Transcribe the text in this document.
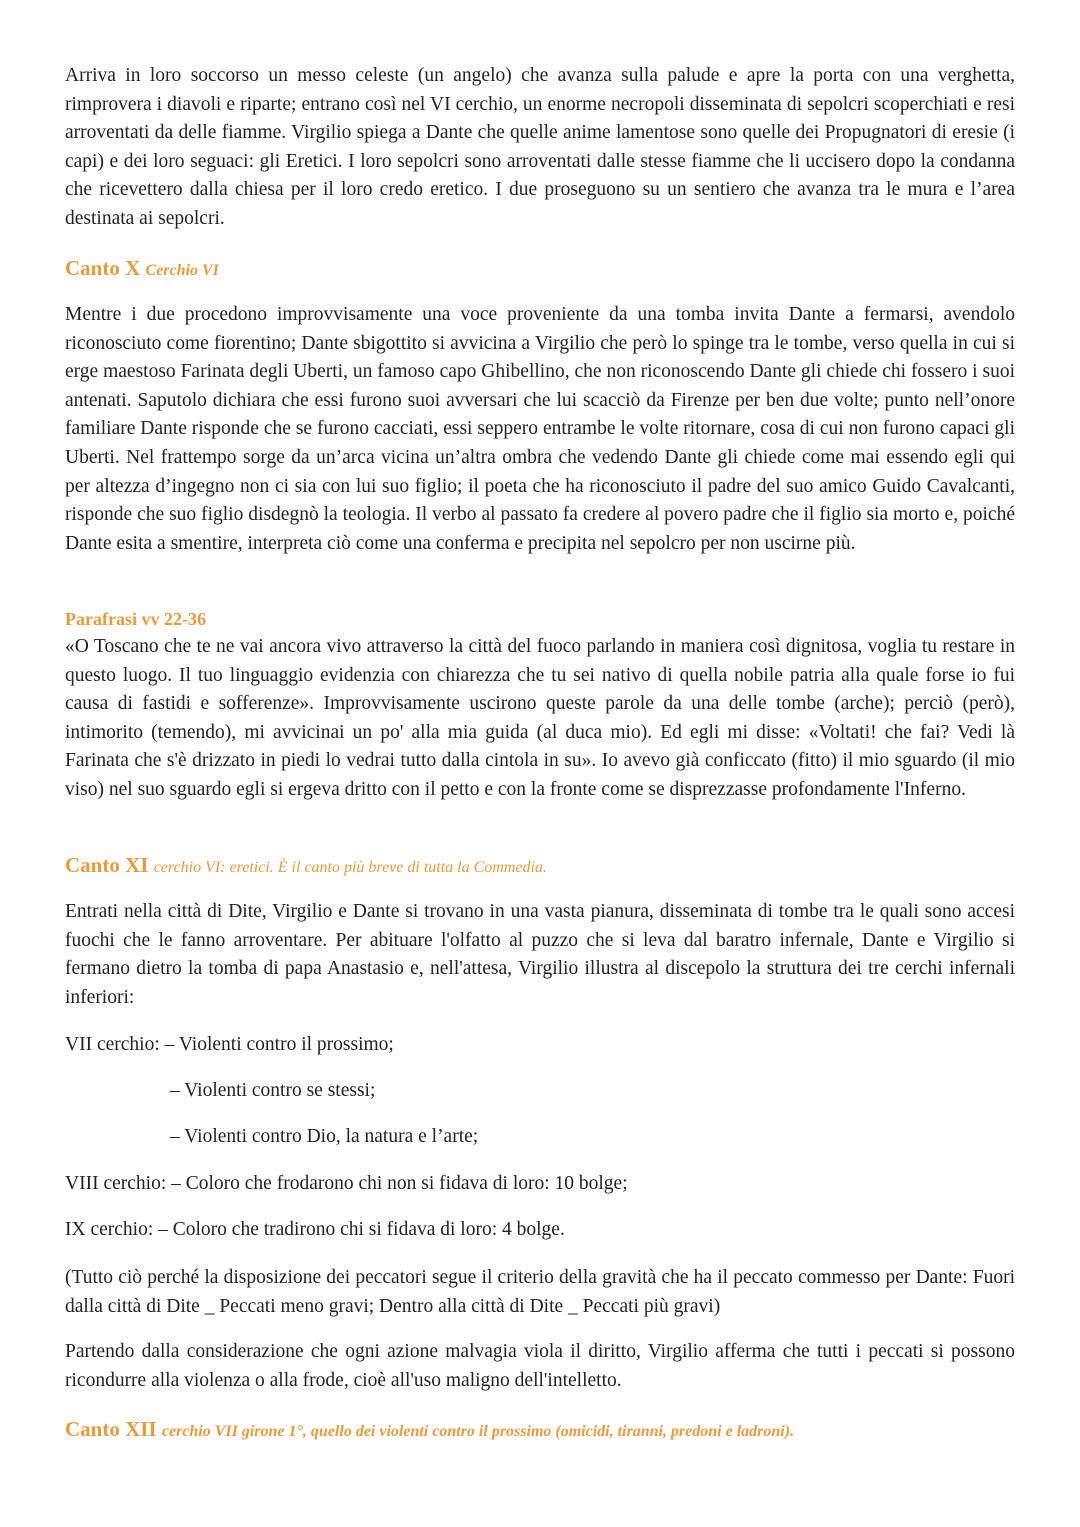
Arriva in loro soccorso un messo celeste (un angelo) che avanza sulla palude e apre la porta con una verghetta, rimprovera i diavoli e riparte; entrano così nel VI cerchio, un enorme necropoli disseminata di sepolcri scoperchiati e resi arroventati da delle fiamme. Virgilio spiega a Dante che quelle anime lamentose sono quelle dei Propugnatori di eresie (i capi) e dei loro seguaci: gli Eretici. I loro sepolcri sono arroventati dalle stesse fiamme che li uccisero dopo la condanna che ricevettero dalla chiesa per il loro credo eretico. I due proseguono su un sentiero che avanza tra le mura e l’area destinata ai sepolcri.

Canto X Cerchio VI

Mentre i due procedono improvvisamente una voce proveniente da una tomba invita Dante a fermarsi, avendolo riconosciuto come fiorentino; Dante sbigottito si avvicina a Virgilio che però lo spinge tra le tombe, verso quella in cui si erge maestoso Farinata degli Uberti, un famoso capo Ghibellino, che non riconoscendo Dante gli chiede chi fossero i suoi antenati. Saputolo dichiara che essi furono suoi avversari che lui scacciò da Firenze per ben due volte; punto nell’onore familiare Dante risponde che se furono cacciati, essi seppero entrambe le volte ritornare, cosa di cui non furono capaci gli Uberti. Nel frattempo sorge da un’arca vicina un’altra ombra che vedendo Dante gli chiede come mai essendo egli qui per altezza d’ingegno non ci sia con lui suo figlio; il poeta che ha riconosciuto il padre del suo amico Guido Cavalcanti, risponde che suo figlio disdegnò la teologia. Il verbo al passato fa credere al povero padre che il figlio sia morto e, poiché Dante esita a smentire, interpreta ciò come una conferma e precipita nel sepolcro per non uscirne più.

Parafrasi vv 22-36

«O Toscano che te ne vai ancora vivo attraverso la città del fuoco parlando in maniera così dignitosa, voglia tu restare in questo luogo. Il tuo linguaggio evidenzia con chiarezza che tu sei nativo di quella nobile patria alla quale forse io fui causa di fastidi e sofferenze». Improvvisamente uscirono queste parole da una delle tombe (arche); perciò (però), intimorito (temendo), mi avvicinai un po' alla mia guida (al duca mio). Ed egli mi disse: «Voltati! che fai? Vedi là Farinata che s'è drizzato in piedi lo vedrai tutto dalla cintola in su». Io avevo già conficcato (fitto) il mio sguardo (il mio viso) nel suo sguardo egli si ergeva dritto con il petto e con la fronte come se disprezzasse profondamente l'Inferno.

Canto XI cerchio VI: eretici. È il canto più breve di tutta la Commedia.

Entrati nella città di Dite, Virgilio e Dante si trovano in una vasta pianura, disseminata di tombe tra le quali sono accesi fuochi che le fanno arroventare. Per abituare l'olfatto al puzzo che si leva dal baratro infernale, Dante e Virgilio si fermano dietro la tomba di papa Anastasio e, nell'attesa, Virgilio illustra al discepolo la struttura dei tre cerchi infernali inferiori:

VII cerchio: – Violenti contro il prossimo;
– Violenti contro se stessi;
– Violenti contro Dio, la natura e l’arte;
VIII cerchio: – Coloro che frodarono chi non si fidava di loro: 10 bolge;
IX cerchio: – Coloro che tradirono chi si fidava di loro: 4 bolge.

(Tutto ciò perché la disposizione dei peccatori segue il criterio della gravità che ha il peccato commesso per Dante: Fuori dalla città di Dite _ Peccati meno gravi; Dentro alla città di Dite _ Peccati più gravi)

Partendo dalla considerazione che ogni azione malvagia viola il diritto, Virgilio afferma che tutti i peccati si possono ricondurre alla violenza o alla frode, cioè all'uso maligno dell'intelletto.

Canto XII cerchio VII girone 1°, quello dei violenti contro il prossimo (omicidi, tiranni, predoni e ladroni).
